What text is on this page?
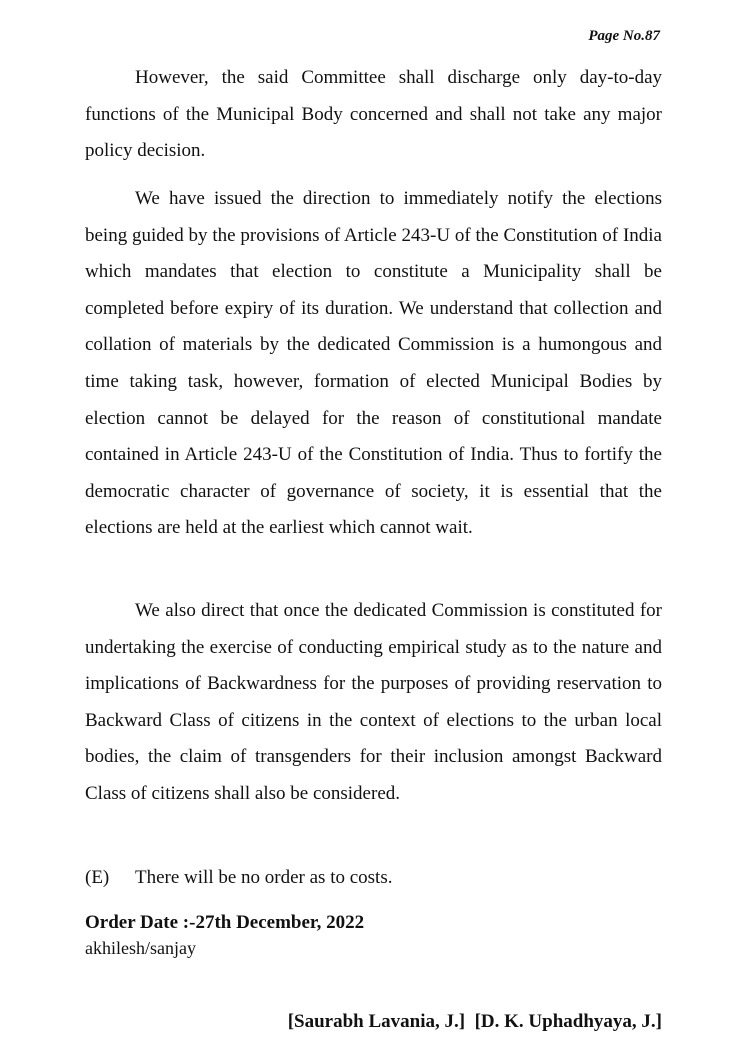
Page No.87

However, the said Committee shall discharge only day-to-day functions of the Municipal Body concerned and shall not take any major policy decision.

We have issued the direction to immediately notify the elections being guided by the provisions of Article 243-U of the Constitution of India which mandates that election to constitute a Municipality shall be completed before expiry of its duration. We understand that collection and collation of materials by the dedicated Commission is a humongous and time taking task, however, formation of elected Municipal Bodies by election cannot be delayed for the reason of constitutional mandate contained in Article 243-U of the Constitution of India. Thus to fortify the democratic character of governance of society, it is essential that the elections are held at the earliest which cannot wait.

We also direct that once the dedicated Commission is constituted for undertaking the exercise of conducting empirical study as to the nature and implications of Backwardness for the purposes of providing reservation to Backward Class of citizens in the context of elections to the urban local bodies, the claim of transgenders for their inclusion amongst Backward Class of citizens shall also be considered.

(E) There will be no order as to costs.
Order Date :-27th December, 2022
akhilesh/sanjay
[Saurabh Lavania, J.]  [D. K. Uphadhyaya, J.]
